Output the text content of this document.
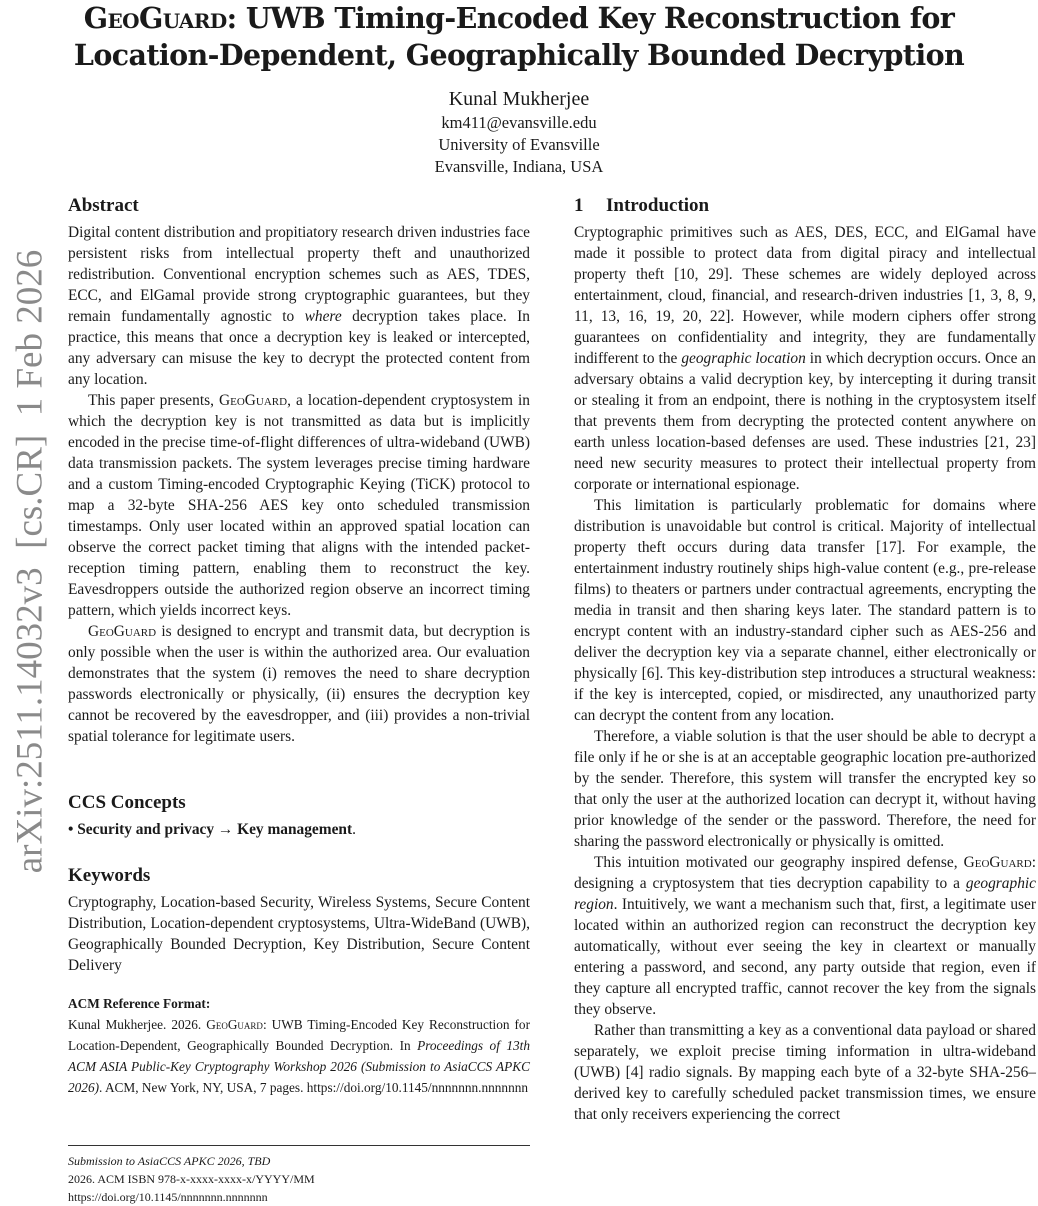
GeoGuard: UWB Timing-Encoded Key Reconstruction for
Location-Dependent, Geographically Bounded Decryption
Kunal Mukherjee
km411@evansville.edu
University of Evansville
Evansville, Indiana, USA
arXiv:2511.14032v3  [cs.CR]  1 Feb 2026
Abstract

Digital content distribution and propitiatory research driven industries face persistent risks from intellectual property theft and unauthorized redistribution. Conventional encryption schemes such as AES, TDES, ECC, and ElGamal provide strong cryptographic guarantees, but they remain fundamentally agnostic to where decryption takes place. In practice, this means that once a decryption key is leaked or intercepted, any adversary can misuse the key to decrypt the protected content from any location.

This paper presents, GeoGuard, a location-dependent cryptosystem in which the decryption key is not transmitted as data but is implicitly encoded in the precise time-of-flight differences of ultra-wideband (UWB) data transmission packets. The system leverages precise timing hardware and a custom Timing-encoded Cryptographic Keying (TiCK) protocol to map a 32-byte SHA-256 AES key onto scheduled transmission timestamps. Only user located within an approved spatial location can observe the correct packet timing that aligns with the intended packet-reception timing pattern, enabling them to reconstruct the key. Eavesdroppers outside the authorized region observe an incorrect timing pattern, which yields incorrect keys.

GeoGuard is designed to encrypt and transmit data, but decryption is only possible when the user is within the authorized area. Our evaluation demonstrates that the system (i) removes the need to share decryption passwords electronically or physically, (ii) ensures the decryption key cannot be recovered by the eavesdropper, and (iii) provides a non-trivial spatial tolerance for legitimate users.

CCS Concepts

• Security and privacy → Key management.

Keywords

Cryptography, Location-based Security, Wireless Systems, Secure Content Distribution, Location-dependent cryptosystems, Ultra-WideBand (UWB), Geographically Bounded Decryption, Key Distribution, Secure Content Delivery

ACM Reference Format:

Kunal Mukherjee. 2026. GeoGuard: UWB Timing-Encoded Key Reconstruction for Location-Dependent, Geographically Bounded Decryption. In Proceedings of 13th ACM ASIA Public-Key Cryptography Workshop 2026 (Submission to AsiaCCS APKC 2026). ACM, New York, NY, USA, 7 pages. https://doi.org/10.1145/nnnnnnn.nnnnnnn

Submission to AsiaCCS APKC 2026, TBD
2026. ACM ISBN 978-x-xxxx-xxxx-x/YYYY/MM
https://doi.org/10.1145/nnnnnnn.nnnnnnn
1 Introduction

Cryptographic primitives such as AES, DES, ECC, and ElGamal have made it possible to protect data from digital piracy and intellectual property theft [10, 29]. These schemes are widely deployed across entertainment, cloud, financial, and research-driven industries [1, 3, 8, 9, 11, 13, 16, 19, 20, 22]. However, while modern ciphers offer strong guarantees on confidentiality and integrity, they are fundamentally indifferent to the geographic location in which decryption occurs. Once an adversary obtains a valid decryption key, by intercepting it during transit or stealing it from an endpoint, there is nothing in the cryptosystem itself that prevents them from decrypting the protected content anywhere on earth unless location-based defenses are used. These industries [21, 23] need new security measures to protect their intellectual property from corporate or international espionage.

This limitation is particularly problematic for domains where distribution is unavoidable but control is critical. Majority of intellectual property theft occurs during data transfer [17]. For example, the entertainment industry routinely ships high-value content (e.g., pre-release films) to theaters or partners under contractual agreements, encrypting the media in transit and then sharing keys later. The standard pattern is to encrypt content with an industry-standard cipher such as AES-256 and deliver the decryption key via a separate channel, either electronically or physically [6]. This key-distribution step introduces a structural weakness: if the key is intercepted, copied, or misdirected, any unauthorized party can decrypt the content from any location.

Therefore, a viable solution is that the user should be able to decrypt a file only if he or she is at an acceptable geographic location pre-authorized by the sender. Therefore, this system will transfer the encrypted key so that only the user at the authorized location can decrypt it, without having prior knowledge of the sender or the password. Therefore, the need for sharing the password electronically or physically is omitted.

This intuition motivated our geography inspired defense, GeoGuard: designing a cryptosystem that ties decryption capability to a geographic region. Intuitively, we want a mechanism such that, first, a legitimate user located within an authorized region can reconstruct the decryption key automatically, without ever seeing the key in cleartext or manually entering a password, and second, any party outside that region, even if they capture all encrypted traffic, cannot recover the key from the signals they observe.

Rather than transmitting a key as a conventional data payload or shared separately, we exploit precise timing information in ultra-wideband (UWB) [4] radio signals. By mapping each byte of a 32-byte SHA-256–derived key to carefully scheduled packet transmission times, we ensure that only receivers experiencing the correct
